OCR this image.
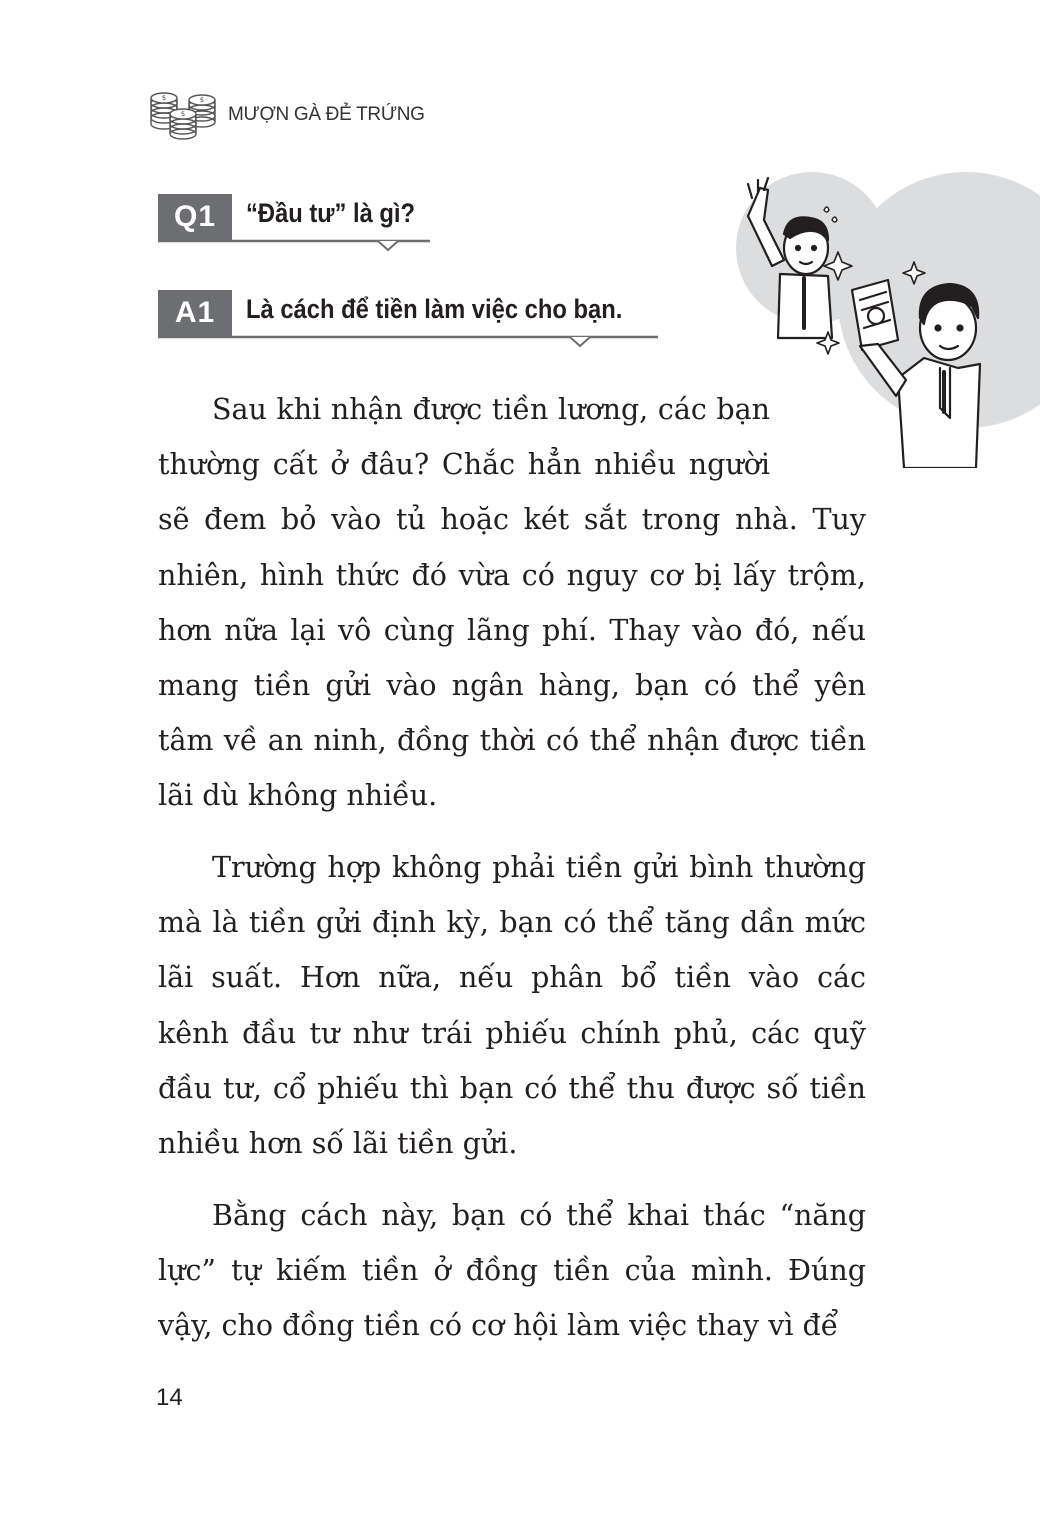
$	$
$ MƯỢN GÀ ĐẺ TRỨNG
Q1	“Đầu tư” là gì?
A1	Là cách để tiền làm việc cho bạn.

Sau khi nhận được tiền lương, các bạn thường cất ở đâu? Chắc hẳn nhiều người sẽ đem bỏ vào tủ hoặc két sắt trong nhà. Tuy nhiên, hình thức đó vừa có nguy cơ bị lấy trộm, hơn nữa lại vô cùng lãng phí. Thay vào đó, nếu mang tiền gửi vào ngân hàng, bạn có thể yên tâm về an ninh, đồng thời có thể nhận được tiền lãi dù không nhiều.

Trường hợp không phải tiền gửi bình thường mà là tiền gửi định kỳ, bạn có thể tăng dần mức lãi suất. Hơn nữa, nếu phân bổ tiền vào các kênh đầu tư như trái phiếu chính phủ, các quỹ đầu tư, cổ phiếu thì bạn có thể thu được số tiền nhiều hơn số lãi tiền gửi.

Bằng cách này, bạn có thể khai thác “năng lực” tự kiếm tiền ở đồng tiền của mình. Đúng vậy, cho đồng tiền có cơ hội làm việc thay vì để

14
